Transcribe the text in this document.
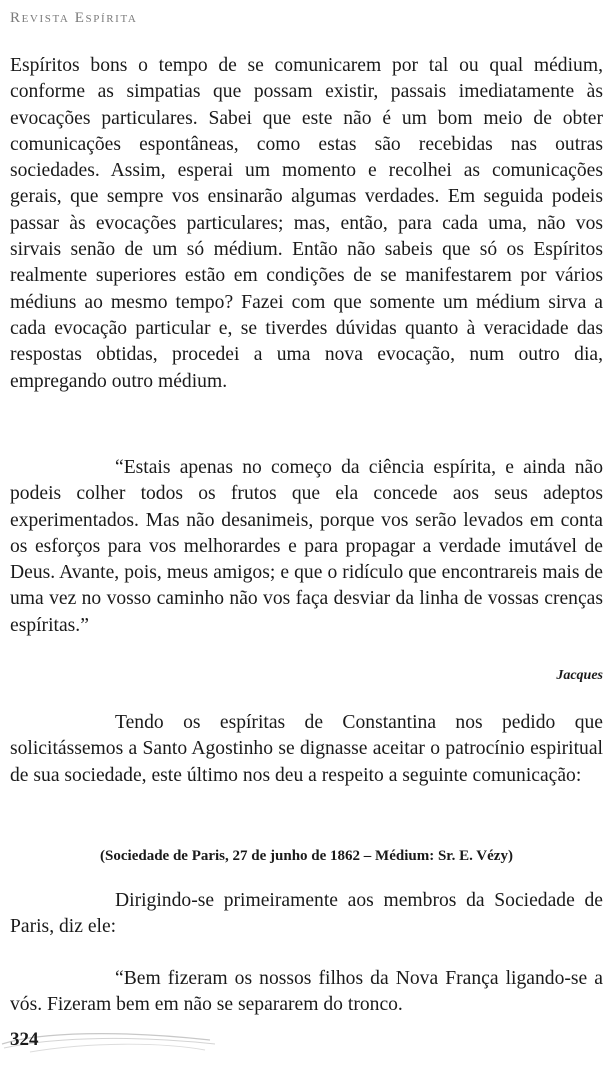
Revista Espírita

Espíritos bons o tempo de se comunicarem por tal ou qual médium, conforme as simpatias que possam existir, passais imediatamente às evocações particulares. Sabei que este não é um bom meio de obter comunicações espontâneas, como estas são recebidas nas outras sociedades. Assim, esperai um momento e recolhei as comunicações gerais, que sempre vos ensinarão algumas verdades. Em seguida podeis passar às evocações particulares; mas, então, para cada uma, não vos sirvais senão de um só médium. Então não sabeis que só os Espíritos realmente superiores estão em condições de se manifestarem por vários médiuns ao mesmo tempo? Fazei com que somente um médium sirva a cada evocação particular e, se tiverdes dúvidas quanto à veracidade das respostas obtidas, procedei a uma nova evocação, num outro dia, empregando outro médium.

“Estais apenas no começo da ciência espírita, e ainda não podeis colher todos os frutos que ela concede aos seus adeptos experimentados. Mas não desanimeis, porque vos serão levados em conta os esforços para vos melhorardes e para propagar a verdade imutável de Deus. Avante, pois, meus amigos; e que o ridículo que encontrareis mais de uma vez no vosso caminho não vos faça desviar da linha de vossas crenças espíritas.”

Jacques

Tendo os espíritas de Constantina nos pedido que solicitássemos a Santo Agostinho se dignasse aceitar o patrocínio espiritual de sua sociedade, este último nos deu a respeito a seguinte comunicação:

(Sociedade de Paris, 27 de junho de 1862 – Médium: Sr. E. Vézy)

Dirigindo-se primeiramente aos membros da Sociedade de Paris, diz ele:

“Bem fizeram os nossos filhos da Nova França ligando-se a vós. Fizeram bem em não se separarem do tronco.

324
